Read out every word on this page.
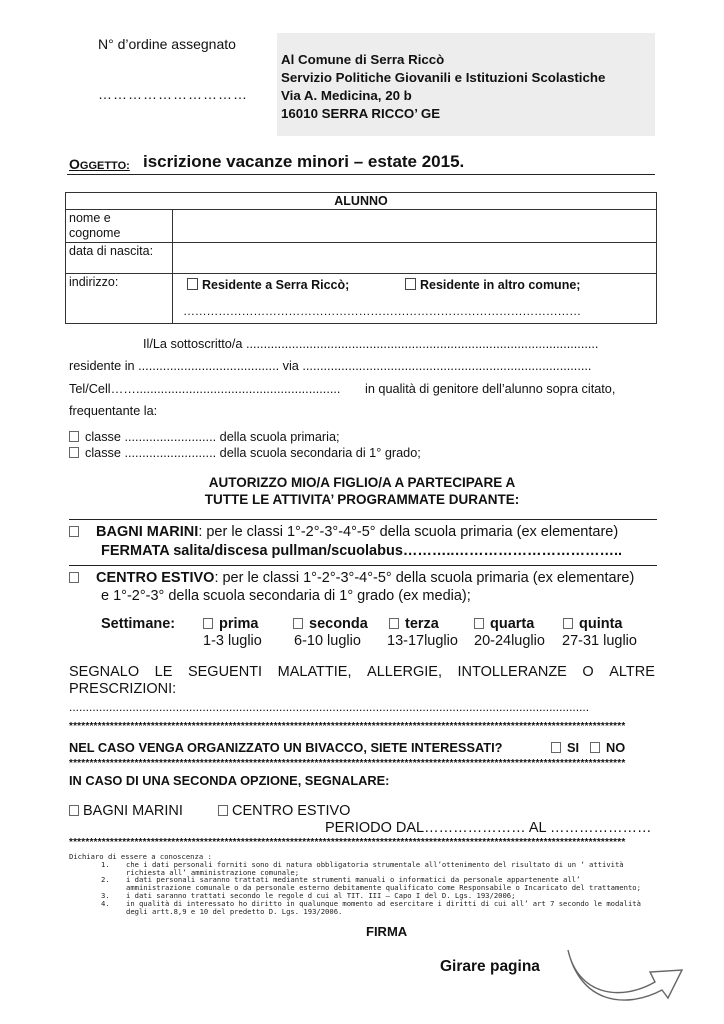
N° d’ordine assegnato
…………………………
Al Comune di Serra Riccò
Servizio Politiche Giovanili e Istituzioni Scolastiche
Via A. Medicina, 20 b
16010 SERRA RICCO’ GE
OGGETTO: iscrizione vacanze minori – estate 2015.
ALUNNO	
nome e
cognome	
data di nascita:	
indirizzo:	Residente a Serra Riccò; Residente in altro comune;
…………………………………………………………………………………………
Il/La sottoscritto/a ....................................................................................................
residente in ........................................ via ..................................................................................
Tel/Cell…….......................................................... in qualità di genitore dell’alunno sopra citato,
frequentante la:
classe .......................... della scuola primaria;
classe .......................... della scuola secondaria di 1° grado;
AUTORIZZO MIO/A FIGLIO/A A PARTECIPARE A
TUTTE LE ATTIVITA’ PROGRAMMATE DURANTE:
BAGNI MARINI: per le classi 1°-2°-3°-4°-5° della scuola primaria (ex elementare)
FERMATA salita/discesa pullman/scuolabus………..……………………………..
CENTRO ESTIVO: per le classi 1°-2°-3°-4°-5° della scuola primaria (ex elementare)
e 1°-2°-3° della scuola secondaria di 1° grado (ex media);
Settimane:	prima	seconda	terza	quarta	quinta
1-3 luglio 6-10 luglio 13-17luglio 20-24luglio 27-31 luglio
SEGNALO LE SEGUENTI MALATTIE, ALLERGIE, INTOLLERANZE O ALTRE
PRESCRIZIONI:
............................................................................................................................................................
****************************************************************************************************************************************
NEL CASO VENGA ORGANIZZATO UN BIVACCO, SIETE INTERESSATI?	SI	NO
****************************************************************************************************************************************
IN CASO DI UNA SECONDA OPZIONE, SEGNALARE:
BAGNI MARINI	CENTRO ESTIVO
PERIODO DAL………………… AL …………………
****************************************************************************************************************************************
Dichiaro di essere a conoscenza :
1. che i dati personali forniti sono di natura obbligatoria strumentale all’ottenimento del risultato di un ‘ attività
richiesta all’ amministrazione comunale;
2. i dati personali saranno trattati mediante strumenti manuali o informatici da personale appartenente all’
amministrazione comunale o da personale esterno debitamente qualificato come Responsabile o Incaricato del trattamento;
3. i dati saranno trattati secondo le regole d cui al TIT. III – Capo I del D. Lgs. 193/2006;
4. in qualità di interessato ho diritto in qualunque momento ad esercitare i diritti di cui all’ art 7 secondo le modalità
degli artt.8,9 e 10 del predetto D. Lgs. 193/2006.
FIRMA
Girare pagina
